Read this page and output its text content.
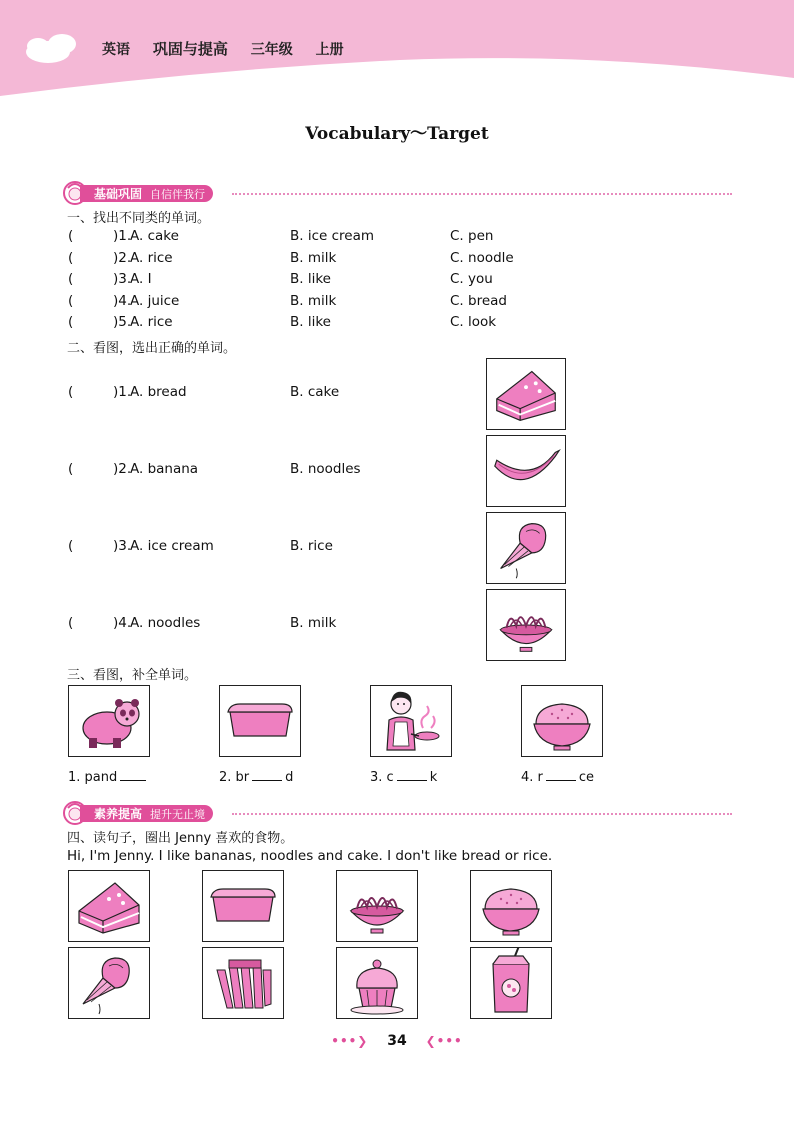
英语 巩固与提高 三年级 上册
Vocabulary～Target
基础巩固 自信伴我行
一、找出不同类的单词。
(	)1.
A. cake	B. ice cream	C. pen
(	)2.
A. rice	B. milk	C. noodle
(	)3.
A. I	B. like	C. you
(	)4.
A. juice	B. milk	C. bread
(	)5.
A. rice	B. like	C. look
二、看图，选出正确的单词。
(	)1.
A. bread	B. cake
(	)2.
A. banana	B. noodles
(	)3.
A. ice cream	B. rice
(	)4.
A. noodles	B. milk
三、看图，补全单词。
1. pand	2. br	d	3. c	k	4. r	ce
素养提高 提升无止境
四、读句子，圈出 Jenny 喜欢的食物。
Hi, I'm Jenny. I like bananas, noodles and cake. I don't like bread or rice.
•••❯ 34 ❮•••
